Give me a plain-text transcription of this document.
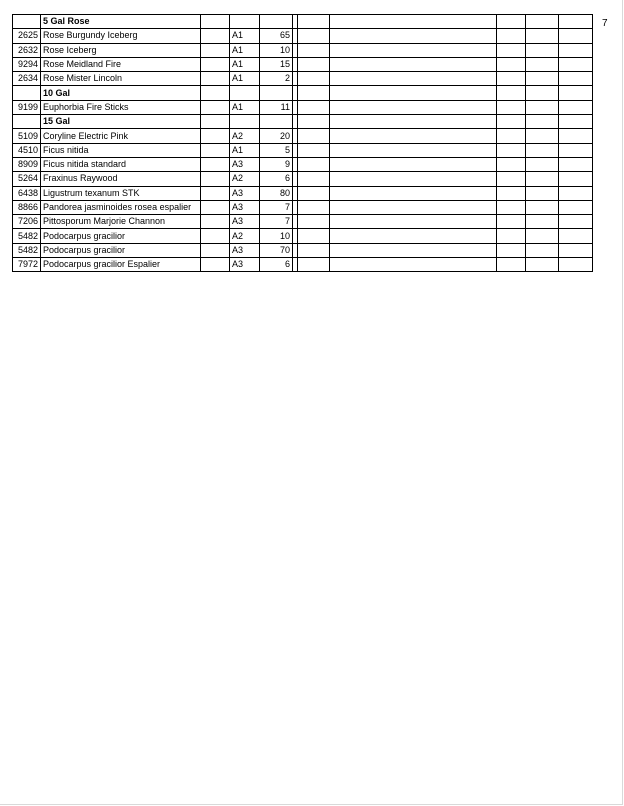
7
	5 Gal Rose									
2625	Rose Burgundy Iceberg		A1	65						
2632	Rose Iceberg		A1	10						
9294	Rose Meidland Fire		A1	15						
2634	Rose Mister Lincoln		A1	2						
	10 Gal									
9199	Euphorbia Fire Sticks		A1	11						
	15 Gal									
5109	Coryline Electric Pink		A2	20						
4510	Ficus nitida		A1	5						
8909	Ficus nitida standard		A3	9						
5264	Fraxinus Raywood		A2	6						
6438	Ligustrum texanum STK		A3	80						
8866	Pandorea jasminoides rosea espalier		A3	7						
7206	Pittosporum Marjorie Channon		A3	7						
5482	Podocarpus gracilior		A2	10						
5482	Podocarpus gracilior		A3	70						
7972	Podocarpus gracilior Espalier		A3	6						
